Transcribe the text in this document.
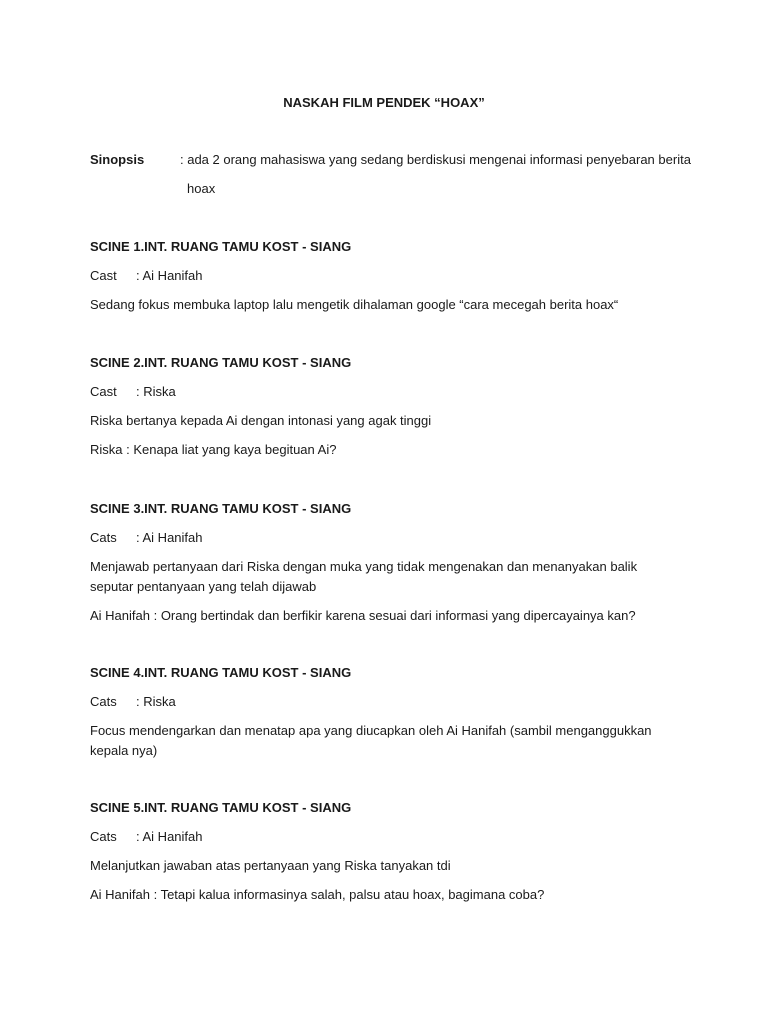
NASKAH FILM PENDEK “HOAX”
Sinopsis	: ada 2 orang mahasiswa yang sedang berdiskusi mengenai informasi penyebaran berita
hoax
SCINE 1.INT. RUANG TAMU KOST - SIANG
Cast : Ai Hanifah
Sedang fokus membuka laptop lalu mengetik dihalaman google “cara mecegah berita hoax“
SCINE 2.INT. RUANG TAMU KOST - SIANG
Cast : Riska
Riska bertanya kepada Ai dengan intonasi yang agak tinggi
Riska : Kenapa liat yang kaya begituan Ai?
SCINE 3.INT. RUANG TAMU KOST - SIANG
Cats : Ai Hanifah
Menjawab pertanyaan dari Riska dengan muka yang tidak mengenakan dan menanyakan balik seputar pentanyaan yang telah dijawab
Ai Hanifah : Orang bertindak dan berfikir karena sesuai dari informasi yang dipercayainya kan?
SCINE 4.INT. RUANG TAMU KOST - SIANG
Cats : Riska
Focus mendengarkan dan menatap apa yang diucapkan oleh Ai Hanifah (sambil menganggukkan kepala nya)
SCINE 5.INT. RUANG TAMU KOST - SIANG
Cats : Ai Hanifah
Melanjutkan jawaban atas pertanyaan yang Riska tanyakan tdi
Ai Hanifah : Tetapi kalua informasinya salah, palsu atau hoax, bagimana coba?
